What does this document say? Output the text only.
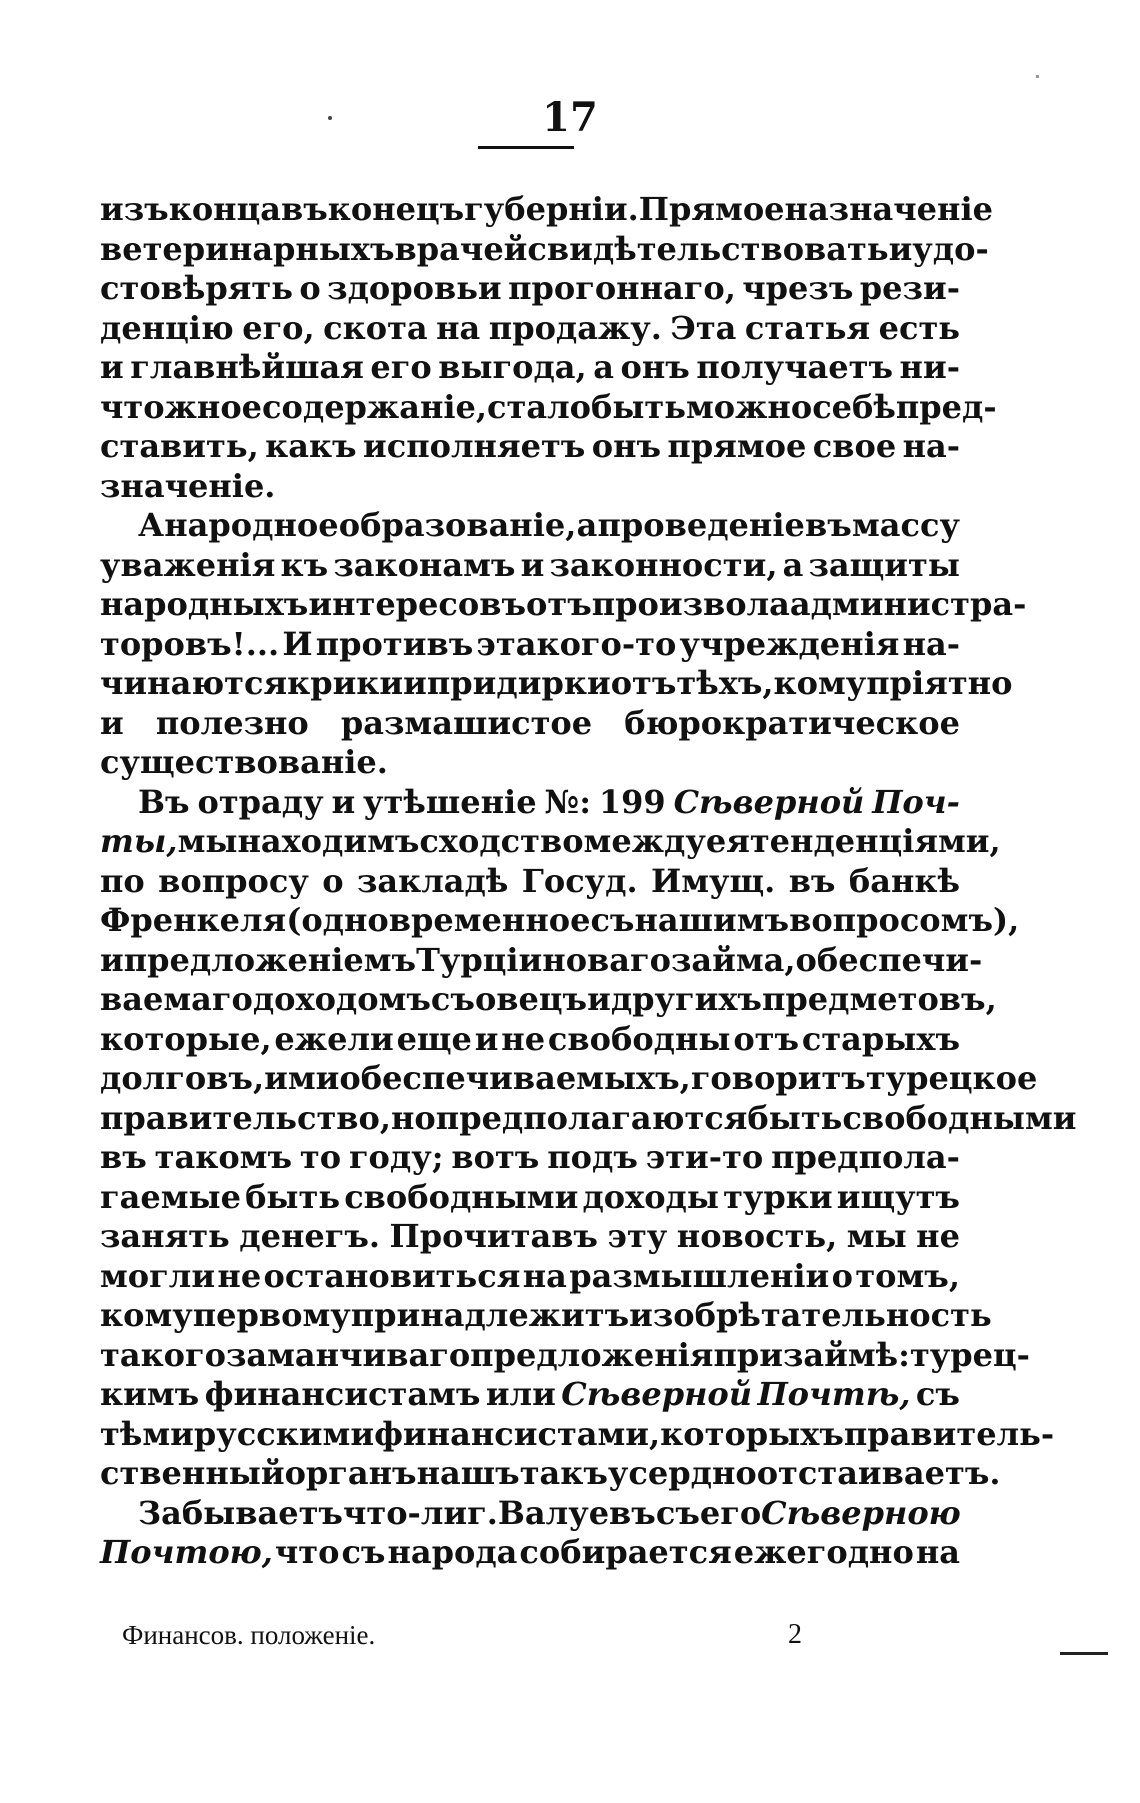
17
изъ концa въ конецъ губерніи. Прямое назначеніе
ветеринарныхъ врачей свидѣтельствовать и удо-
стовѣрять о здоровьи прогоннаго, чрезъ рези-
денцію его, скота на продажу. Эта статья есть
и главнѣйшая его выгода, а онъ получаетъ ни-
чтожное содержаніе, стало быть можно себѣ пред-
ставить, какъ исполняетъ онъ прямое свое на-
значеніе.
А народное образованіе, а проведеніе въ массу
уваженія къ законамъ и законности, а защиты
народныхъ интересовъ отъ произвола администра-
торовъ!... И противъ этакого-то учрежденія на-
чинаются крики и придирки отъ тѣхъ, кому пріятно
и полезно размашистое бюрократическое
существованіе.
Въ отраду и утѣшеніе №: 199 Сѣверной Поч-
ты, мы находимъ сходство между ея тенденціями,
по вопросу о закладѣ Госуд. Имущ. въ банкѣ
Френкеля (одновременное съ нашимъ вопросомъ),
и предложеніемъ Турціи новаго займа, обеспечи-
ваемаго доходомъ съ овецъ и другихъ предметовъ,
которые, ежели еще и не свободны отъ старыхъ
долговъ, ими обеспечиваемыхъ, говоритъ турецкое
правительство, но предполагаются быть свободными
въ такомъ то году; вотъ подъ эти-то предпола-
гаемые быть свободными доходы турки ищутъ
занять денегъ. Прочитавъ эту новость, мы не
могли не остановиться на размышленіи о томъ,
кому первому принадлежитъ изобрѣтательность
такого заманчиваго предложенія при займѣ: турец-
кимъ финансистамъ или Сѣверной Почтѣ, съ
тѣми русскими финансистами, которыхъ правитель-
ственный органъ нашъ такъ усердно отстаиваетъ.
Забываетъ что-ли г. Валуевъ съ его Сѣверною
Почтою, что съ народа собирается ежегодно на
Финансов. положеніе.	2
